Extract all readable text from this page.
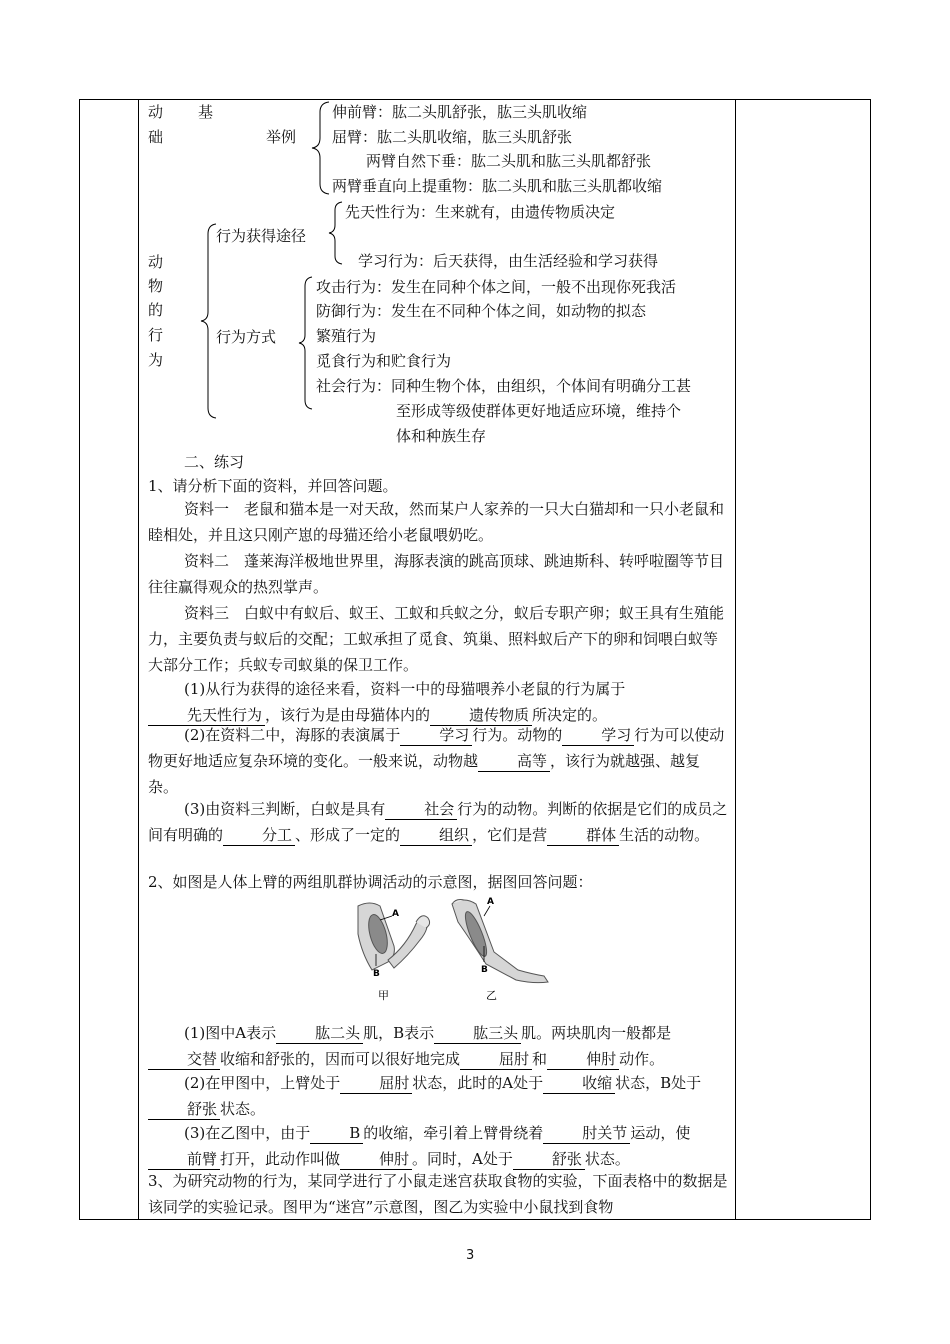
动 基
础	举例
伸前臂：肱二头肌舒张，肱三头肌收缩
屈臂：肱二头肌收缩，肱三头肌舒张
两臂自然下垂：肱二头肌和肱三头肌都舒张
两臂垂直向上提重物：肱二头肌和肱三头肌都收缩
动
物
的
行
为
行为获得途径
行为方式
先天性行为：生来就有，由遗传物质决定
学习行为：后天获得，由生活经验和学习获得
攻击行为：发生在同种个体之间，一般不出现你死我活
防御行为：发生在不同种个体之间，如动物的拟态
繁殖行为
觅食行为和贮食行为
社会行为：同种生物个体，由组织，个体间有明确分工甚
至形成等级使群体更好地适应环境，维持个
体和种族生存
二、练习
1、请分析下面的资料，并回答问题。
资料一　老鼠和猫本是一对天敌，然而某户人家养的一只大白猫却和一只小老鼠和睦相处，并且这只刚产崽的母猫还给小老鼠喂奶吃。
资料二　蓬莱海洋极地世界里，海豚表演的跳高顶球、跳迪斯科、转呼啦圈等节目往往赢得观众的热烈掌声。
资料三　白蚁中有蚁后、蚁王、工蚁和兵蚁之分，蚁后专职产卵；蚁王具有生殖能力，主要负责与蚁后的交配；工蚁承担了觅食、筑巢、照料蚁后产下的卵和饲喂白蚁等大部分工作；兵蚁专司蚁巢的保卫工作。
(1)从行为获得的途径来看，资料一中的母猫喂养小老鼠的行为属于先天性行为 ，该行为是由母猫体内的	遗传物质 所决定的。
(2)在资料二中，海豚的表演属于	学习 行为。动物的	学习 行为可以使动物更好地适应复杂环境的变化。一般来说，动物越	高等 ，该行为就越强、越复杂。
(3)由资料三判断，白蚁是具有	社会 行为的动物。判断的依据是它们的成员之间有明确的	分工 、形成了一定的	组织 ，它们是营	群体 生活的动物。
2、如图是人体上臂的两组肌群协调活动的示意图，据图回答问题：
A
B
甲
A
B
乙
(1)图中A表示	肱二头 肌，B表示	肱三头 肌。两块肌肉一般都是交替 收缩和舒张的，因而可以很好地完成	屈肘 和	伸肘 动作。
(2)在甲图中，上臂处于	屈肘 状态，此时的A处于	收缩 状态，B处于舒张 状态。
(3)在乙图中，由于	B 的收缩，牵引着上臂骨绕着	肘关节 运动，使前臂 打开，此动作叫做	伸肘 。同时，A处于	舒张 状态。
3、为研究动物的行为，某同学进行了小鼠走迷宫获取食物的实验，下面表格中的数据是该同学的实验记录。图甲为“迷宫”示意图，图乙为实验中小鼠找到食物
3
